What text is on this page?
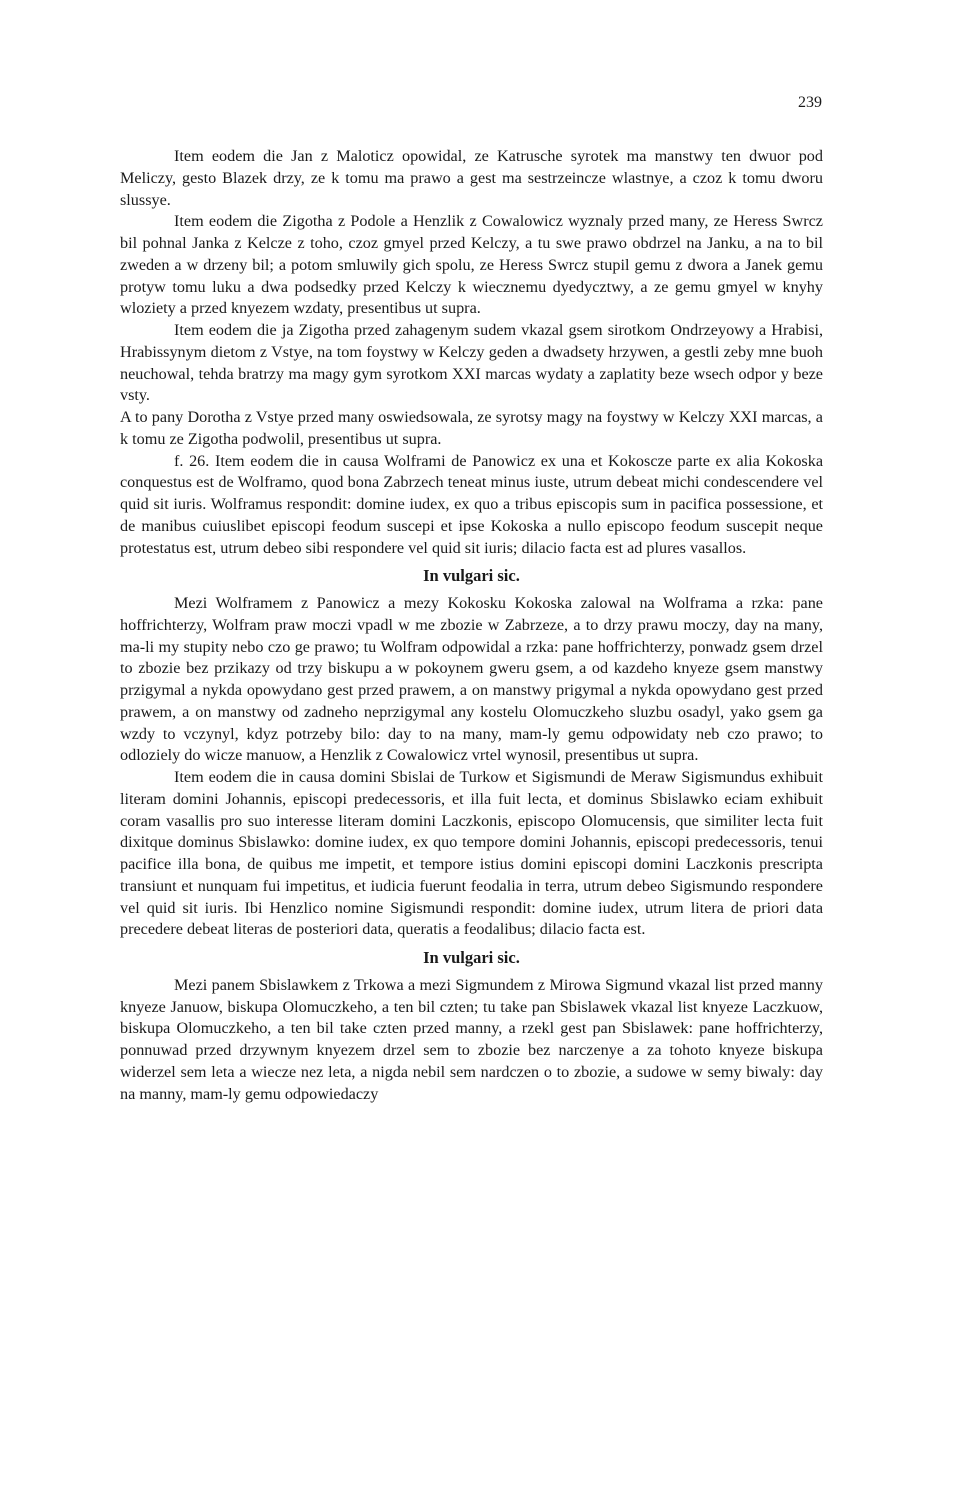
239

Item eodem die Jan z Maloticz opowidal, ze Katrusche syrotek ma manstwy ten dwuor pod Meliczy, gesto Blazek drzy, ze k tomu ma prawo a gest ma sestrzeincze wlastnye, a czoz k tomu dworu slussye.

Item eodem die Zigotha z Podole a Henzlik z Cowalowicz wyznaly przed many, ze Heress Swrcz bil pohnal Janka z Kelcze z toho, czoz gmyel przed Kelczy, a tu swe prawo obdrzel na Janku, a na to bil zweden a w drzeny bil; a potom smluwily gich spolu, ze Heress Swrcz stupil gemu z dwora a Janek gemu protyw tomu luku a dwa podsedky przed Kelczy k wiecznemu dyedycztwy, a ze gemu gmyel w knyhy wloziety a przed knyezem wzdaty, presentibus ut supra.

Item eodem die ja Zigotha przed zahagenym sudem vkazal gsem sirotkom Ondrzeyowy a Hrabisi, Hrabissynym dietom z Vstye, na tom foystwy w Kelczy geden a dwadsety hrzywen, a gestli zeby mne buoh neuchowal, tehda bratrzy ma magy gym syrotkom XXI marcas wydaty a zaplatity beze wsech odpor y beze vsty.

A to pany Dorotha z Vstye przed many oswiedsowala, ze syrotsy magy na foystwy w Kelczy XXI marcas, a k tomu ze Zigotha podwolil, presentibus ut supra.

f. 26. Item eodem die in causa Wolframi de Panowicz ex una et Kokoscze parte ex alia Kokoska conquestus est de Wolframo, quod bona Zabrzech teneat minus iuste, utrum debeat michi condescendere vel quid sit iuris. Wolframus respondit: domine iudex, ex quo a tribus episcopis sum in pacifica possessione, et de manibus cuiuslibet episcopi feodum suscepi et ipse Kokoska a nullo episcopo feodum suscepit neque protestatus est, utrum debeo sibi respondere vel quid sit iuris; dilacio facta est ad plures vasallos.

In vulgari sic.

Mezi Wolframem z Panowicz a mezy Kokosku Kokoska zalowal na Wolframa a rzka: pane hoffrichterzy, Wolfram praw moczi vpadl w me zbozie w Zabrzeze, a to drzy prawu moczy, day na many, ma-li my stupity nebo czo ge prawo; tu Wolfram odpowidal a rzka: pane hoffrichterzy, ponwadz gsem drzel to zbozie bez przikazy od trzy biskupu a w pokoynem gweru gsem, a od kazdeho knyeze gsem manstwy przigymal a nykda opowydano gest przed prawem, a on manstwy prigymal a nykda opowydano gest przed prawem, a on manstwy od zadneho neprzigymal any kostelu Olomuczkeho sluzbu osadyl, yako gsem ga wzdy to vczynyl, kdyz potrzeby bilo: day to na many, mam-ly gemu odpowidaty neb czo prawo; to odloziely do wicze manuow, a Henzlik z Cowalowicz vrtel wynosil, presentibus ut supra.

Item eodem die in causa domini Sbislai de Turkow et Sigismundi de Meraw Sigismundus exhibuit literam domini Johannis, episcopi predecessoris, et illa fuit lecta, et dominus Sbislawko eciam exhibuit coram vasallis pro suo interesse literam domini Laczkonis, episcopo Olomucensis, que similiter lecta fuit dixitque dominus Sbislawko: domine iudex, ex quo tempore domini Johannis, episcopi predecessoris, tenui pacifice illa bona, de quibus me impetit, et tempore istius domini episcopi domini Laczkonis prescripta transiunt et nunquam fui impetitus, et iudicia fuerunt feodalia in terra, utrum debeo Sigismundo respondere vel quid sit iuris. Ibi Henzlico nomine Sigismundi respondit: domine iudex, utrum litera de priori data precedere debeat literas de posteriori data, queratis a feodalibus; dilacio facta est.

In vulgari sic.

Mezi panem Sbislawkem z Trkowa a mezi Sigmundem z Mirowa Sigmund vkazal list przed manny knyeze Januow, biskupa Olomuczkeho, a ten bil czten; tu take pan Sbislawek vkazal list knyeze Laczkuow, biskupa Olomuczkeho, a ten bil take czten przed manny, a rzekl gest pan Sbislawek: pane hoffrichterzy, ponnuwad przed drzywnym knyezem drzel sem to zbozie bez narczenye a za tohoto knyeze biskupa widerzel sem leta a wiecze nez leta, a nigda nebil sem nardczen o to zbozie, a sudowe w semy biwaly: day na manny, mam-ly gemu odpowiedaczy
